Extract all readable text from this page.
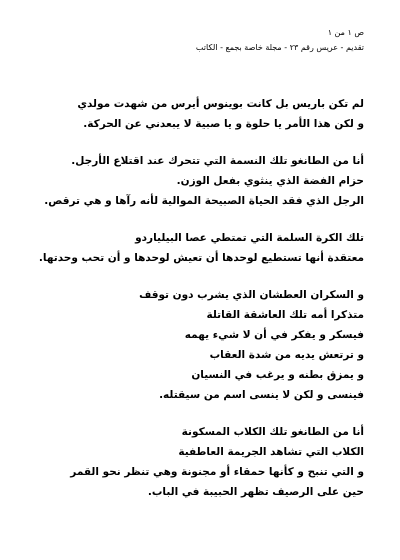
ص ١ من ١
تقديم - عريس رقم ٢٣ - مجلة خاصة بجمع - الكاتب
لم تكن باريس بل كانت بوينوس أيرس من شهدت مولدي
و لكن هذا الأمر يا حلوة و يا صبية لا يبعدني عن الحركة.
أنا من الطانغو تلك النسمة التي تتحرك عند اقتلاع الأرجل.
حزام الفضة الذي ينثوي بفعل الوزن.
الرجل الذي فقد الحياة الصبيحة الموالية لأنه رآها و هي ترقص.
تلك الكرة السلمة التي تمتطي عصا البيلياردو
معتقدة أنها تستطيع لوحدها أن تعيش لوحدها و أن تحب وحدتها.
و السكران العطشان الذي يشرب دون توقف
متذكرا أمه تلك العاشقة القاتلة
فيسكر و يفكر في أن لا شيء يهمه
و ترتعش يديه من شدة العقاب
و يمزق بطنه و يرغب في النسيان
فينسى و لكن لا ينسى اسم من سيقتله.
أنا من الطانغو تلك الكلاب المسكونة
الكلاب التي تشاهد الجريمة العاطفية
و التي تنبح و كأنها حمقاء أو مجنونة وهي تنظر نحو القمر
حين على الرصيف تظهر الحبيبة في الباب.
